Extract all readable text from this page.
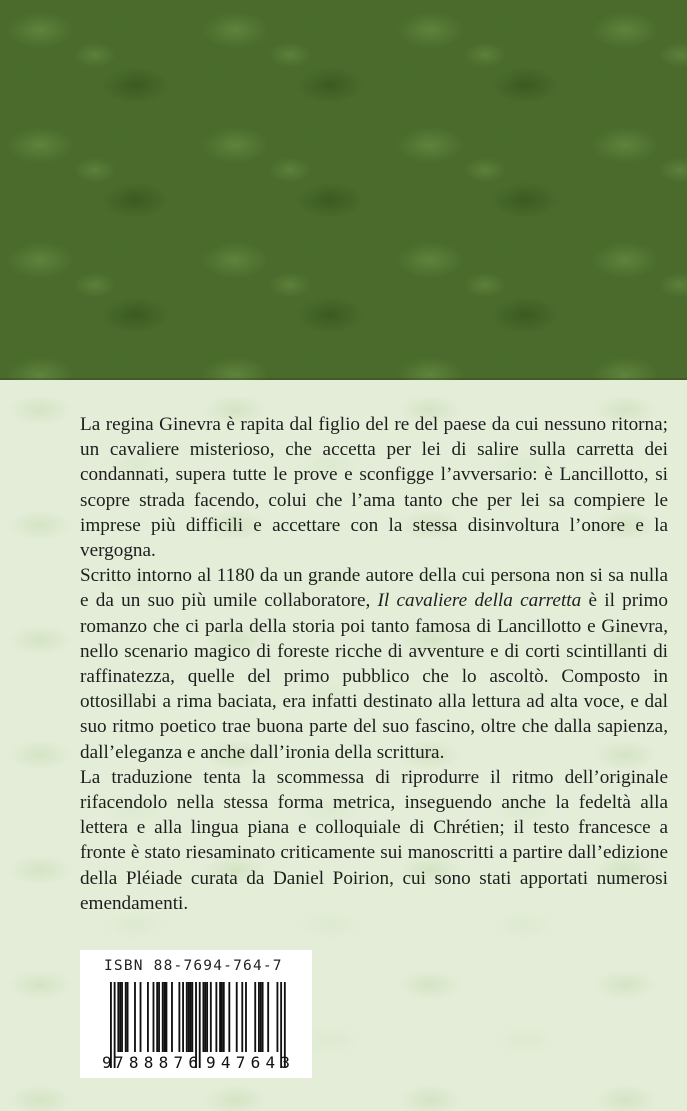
La regina Ginevra è rapita dal figlio del re del paese da cui nessuno ritorna; un cavaliere misterioso, che accetta per lei di salire sulla carretta dei condannati, supera tutte le prove e sconfigge l’avversario: è Lancillotto, si scopre strada facendo, colui che l’ama tanto che per lei sa compiere le imprese più difficili e accettare con la stessa disinvoltura l’onore e la vergogna.

Scritto intorno al 1180 da un grande autore della cui persona non si sa nulla e da un suo più umile collaboratore, Il cavaliere della carretta è il primo romanzo che ci parla della storia poi tanto famosa di Lancillotto e Ginevra, nello scenario magico di foreste ricche di avventure e di corti scintillanti di raffinatezza, quelle del primo pubblico che lo ascoltò. Composto in ottosillabi a rima baciata, era infatti destinato alla lettura ad alta voce, e dal suo ritmo poetico trae buona parte del suo fascino, oltre che dalla sapienza, dall’eleganza e anche dall’ironia della scrittura.

La traduzione tenta la scommessa di riprodurre il ritmo dell’originale rifacendolo nella stessa forma metrica, inseguendo anche la fedeltà alla lettera e alla lingua piana e colloquiale di Chrétien; il testo francesce a fronte è stato riesaminato criticamente sui manoscritti a partire dall’edizione della Pléiade curata da Daniel Poirion, cui sono stati apportati numerosi emendamenti.

ISBN 88-7694-764-7
9 788876 947643
